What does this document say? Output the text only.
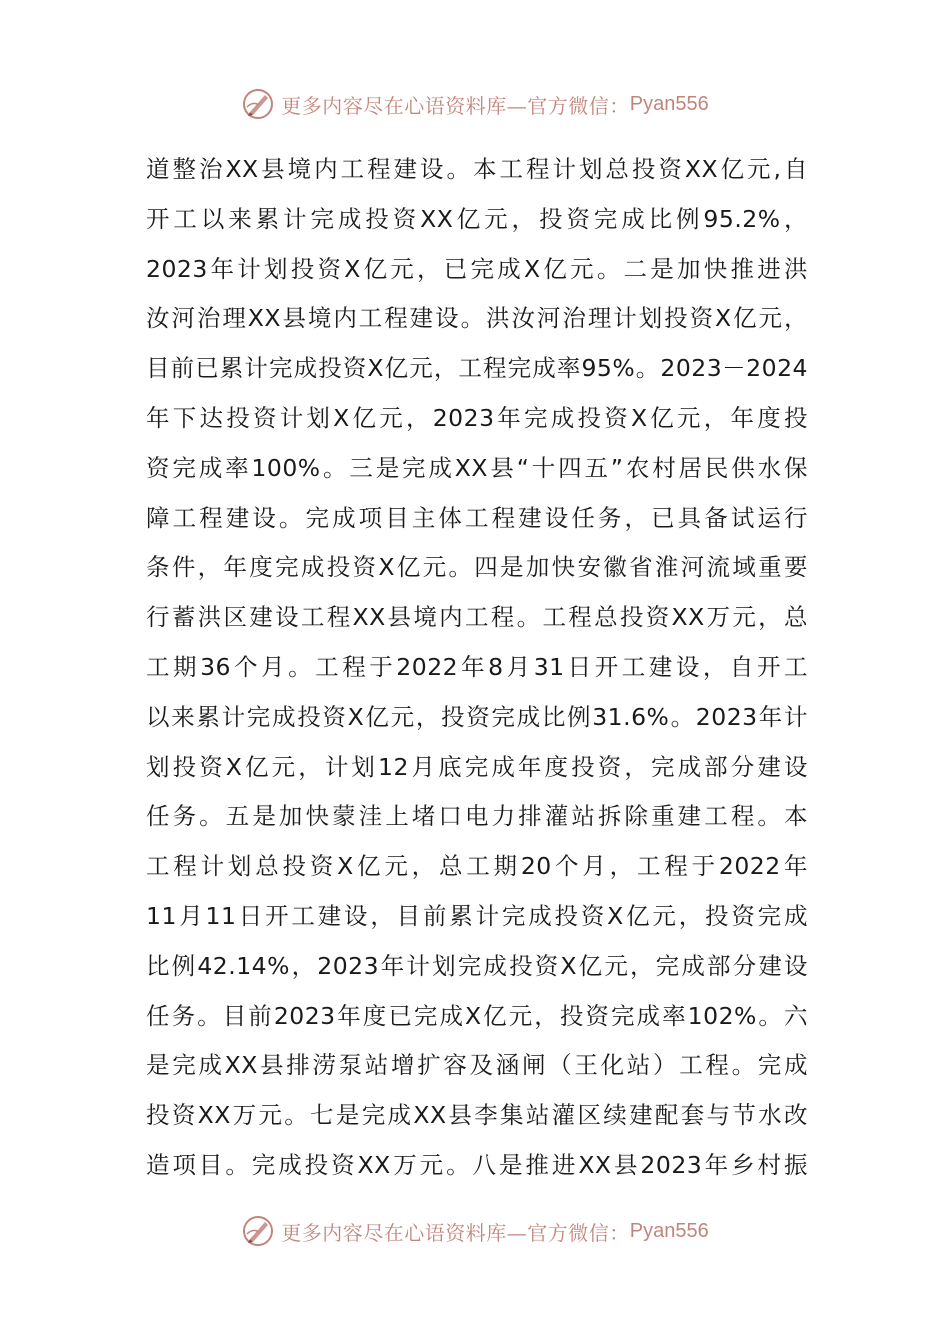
更多内容尽在心语资料库—官方微信： Pyan556
道整治XX县境内工程建设。本工程计划总投资XX亿元,自
开工以来累计完成投资XX亿元，投资完成比例95.2%，
2023年计划投资X亿元，已完成X亿元。二是加快推进洪
汝河治理XX县境内工程建设。洪汝河治理计划投资X亿元，
目前已累计完成投资X亿元，工程完成率95%。2023－2024
年下达投资计划X亿元，2023年完成投资X亿元，年度投
资完成率100%。三是完成XX县“十四五”农村居民供水保
障工程建设。完成项目主体工程建设任务，已具备试运行
条件，年度完成投资X亿元。四是加快安徽省淮河流域重要
行蓄洪区建设工程XX县境内工程。工程总投资XX万元，总
工期36个月。工程于2022年8月31日开工建设，自开工
以来累计完成投资X亿元，投资完成比例31.6%。2023年计
划投资X亿元，计划12月底完成年度投资，完成部分建设
任务。五是加快蒙洼上堵口电力排灌站拆除重建工程。本
工程计划总投资X亿元，总工期20个月，工程于2022年
11月11日开工建设，目前累计完成投资X亿元，投资完成
比例42.14%，2023年计划完成投资X亿元，完成部分建设
任务。目前2023年度已完成X亿元，投资完成率102%。六
是完成XX县排涝泵站增扩容及涵闸（王化站）工程。完成
投资XX万元。七是完成XX县李集站灌区续建配套与节水改
造项目。完成投资XX万元。八是推进XX县2023年乡村振
更多内容尽在心语资料库—官方微信： Pyan556
